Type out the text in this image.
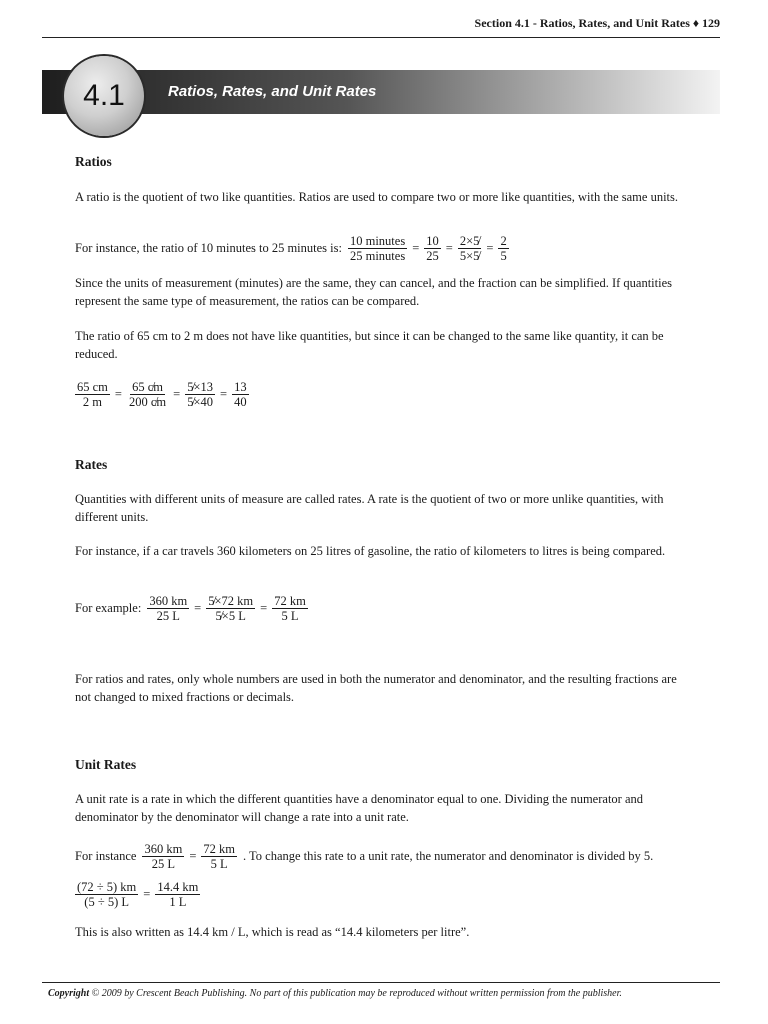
Section 4.1 - Ratios, Rates, and Unit Rates ♦ 129
4.1	Ratios, Rates, and Unit Rates
Ratios
A ratio is the quotient of two like quantities. Ratios are used to compare two or more like quantities, with the same units.
For instance, the ratio of 10 minutes to 25 minutes is: $\frac{\text{10 minutes}}{\text{25 minutes}} = \frac{10}{25} = \frac{2\times 5̸}{5\times 5̸} = \frac{2}{5}$
Since the units of measurement (minutes) are the same, they can cancel, and the fraction can be simplified. If quantities represent the same type of measurement, the ratios can be compared.
The ratio of 65 cm to 2 m does not have like quantities, but since it can be changed to the same like quantity, it can be reduced.
$\frac{65 cm}{2 m} = \frac{65 c̸m}{200 c̸m} = \frac{5̸\times 13}{5̸\times 40} = \frac{13}{40}$
Rates
Quantities with different units of measure are called rates. A rate is the quotient of two or more unlike quantities, with different units.
For instance, if a car travels 360 kilometers on 25 litres of gasoline, the ratio of kilometers to litres is being compared.
For example: $\frac{360 km}{25 L} = \frac{5̸\times 72 km}{5̸\times 5 L} = \frac{72 km}{5 L}$
For ratios and rates, only whole numbers are used in both the numerator and denominator, and the resulting fractions are not changed to mixed fractions or decimals.
Unit Rates
A unit rate is a rate in which the different quantities have a denominator equal to one. Dividing the numerator and denominator by the denominator will change a rate into a unit rate.
For instance $\frac{360 km}{25 L} = \frac{72 km}{5 L}$ . To change this rate to a unit rate, the numerator and denominator is divided by 5.
$\frac{(72 \div 5) km}{(5 \div 5) L} = \frac{14.4 km}{1 L}$
This is also written as 14.4 km / L, which is read as “14.4 kilometers per litre”.
Copyright © 2009 by Crescent Beach Publishing. No part of this publication may be reproduced without written permission from the publisher.
